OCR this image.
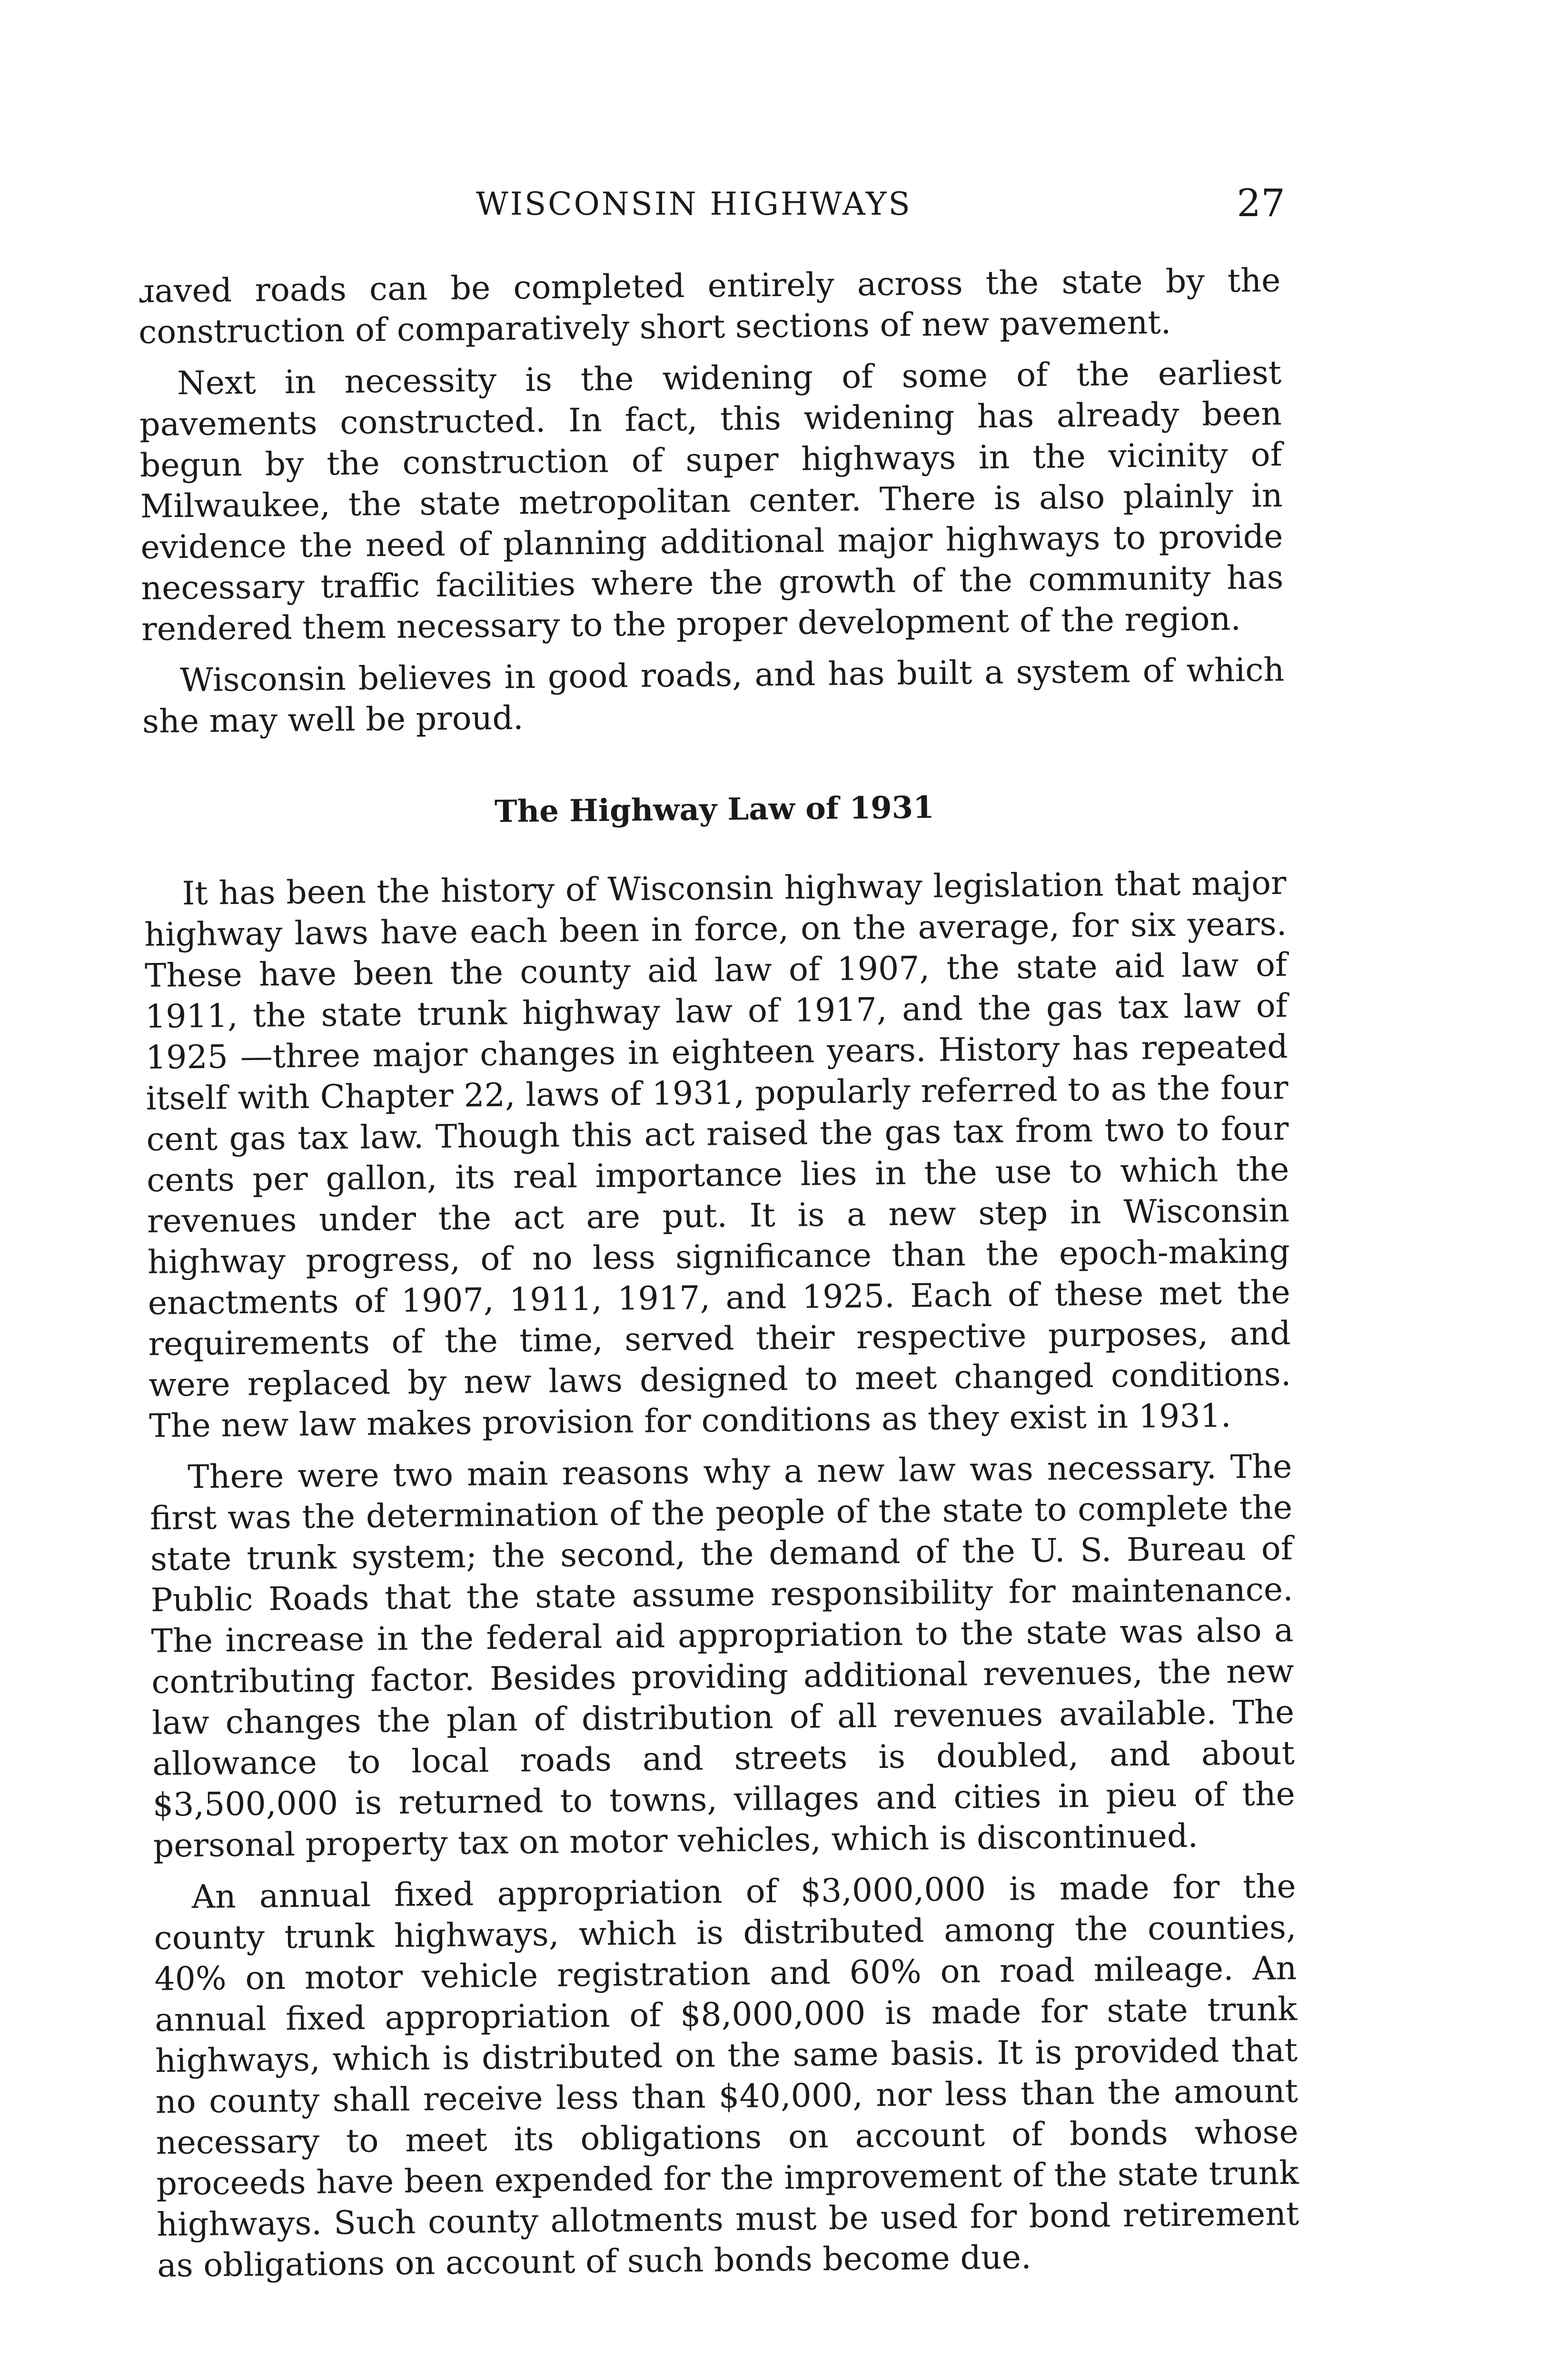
WISCONSIN HIGHWAYS	27

ɹaved roads can be completed entirely across the state by the construction of comparatively short sections of new pavement.

Next in necessity is the widening of some of the earliest pavements constructed. In fact, this widening has already been begun by the construction of super highways in the vicinity of Milwaukee, the state metropolitan center. There is also plainly in evidence the need of planning additional major highways to provide necessary traffic facilities where the growth of the community has rendered them necessary to the proper development of the region.

Wisconsin believes in good roads, and has built a system of which she may well be proud.

The Highway Law of 1931

It has been the history of Wisconsin highway legislation that major highway laws have each been in force, on the average, for six years. These have been the county aid law of 1907, the state aid law of 1911, the state trunk highway law of 1917, and the gas tax law of 1925 —three major changes in eighteen years. History has repeated itself with Chapter 22, laws of 1931, popularly referred to as the four cent gas tax law. Though this act raised the gas tax from two to four cents per gallon, its real importance lies in the use to which the revenues under the act are put. It is a new step in Wisconsin highway progress, of no less significance than the epoch-making enactments of 1907, 1911, 1917, and 1925. Each of these met the requirements of the time, served their respective purposes, and were replaced by new laws designed to meet changed conditions. The new law makes provision for conditions as they exist in 1931.

There were two main reasons why a new law was necessary. The first was the determination of the people of the state to complete the state trunk system; the second, the demand of the U. S. Bureau of Public Roads that the state assume responsibility for maintenance. The increase in the federal aid appropriation to the state was also a contributing factor. Besides providing additional revenues, the new law changes the plan of distribution of all revenues available. The allowance to local roads and streets is doubled, and about $3,500,000 is returned to towns, villages and cities in pieu of the personal property tax on motor vehicles, which is discontinued.

An annual fixed appropriation of $3,000,000 is made for the county trunk highways, which is distributed among the counties, 40% on motor vehicle registration and 60% on road mileage. An annual fixed appropriation of $8,000,000 is made for state trunk highways, which is distributed on the same basis. It is provided that no county shall receive less than $40,000, nor less than the amount necessary to meet its obligations on account of bonds whose proceeds have been expended for the improvement of the state trunk highways. Such county allotments must be used for bond retirement as obligations on account of such bonds become due.
